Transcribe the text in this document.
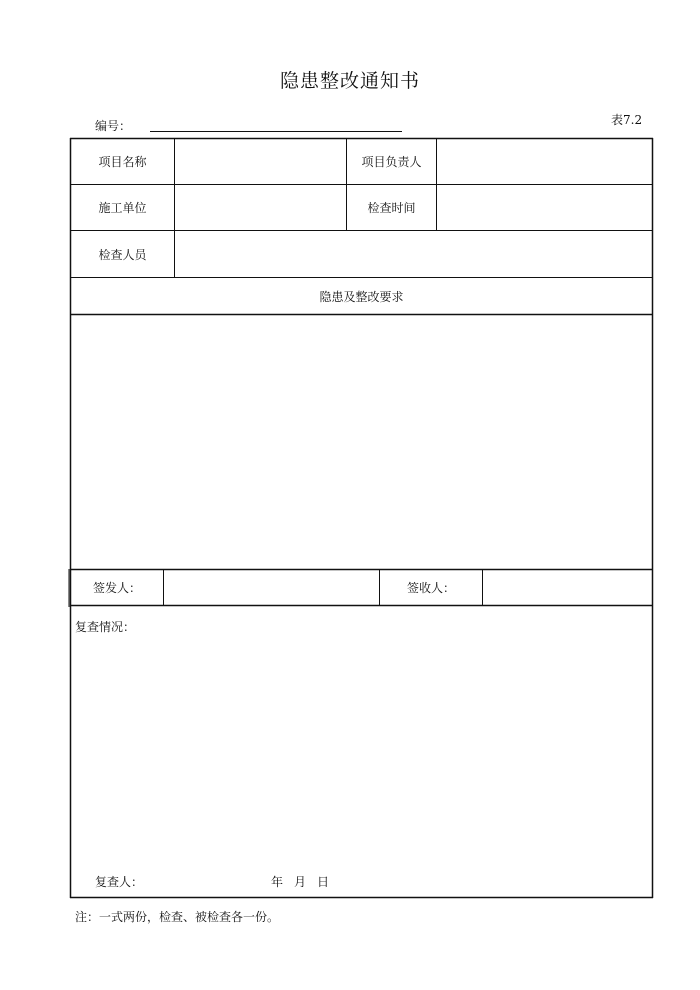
隐患整改通知书
编号：	表7.2
项目名称	项目负责人
施工单位	检查时间
检查人员
隐患及整改要求
签发人：	签收人：
复查情况：
复查人：	年 月 日
注：一式两份，检查、被检查各一份。
